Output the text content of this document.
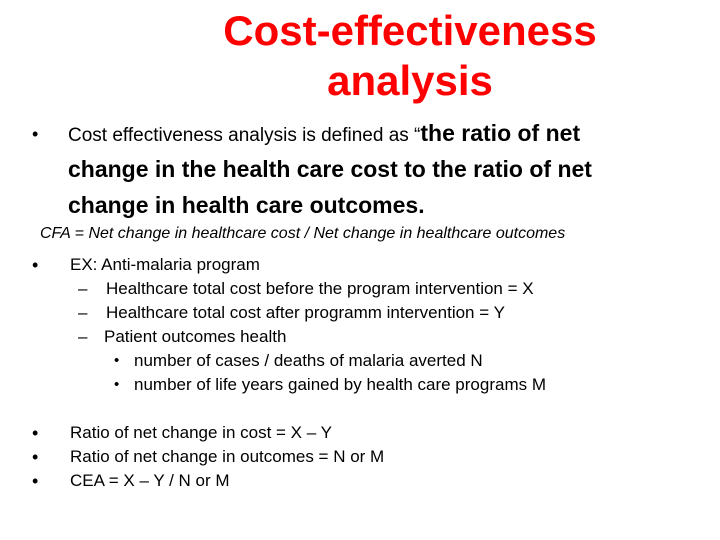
Cost-effectiveness
analysis
• Cost effectiveness analysis is defined as “the ratio of net
change in the health care cost to the ratio of net
change in health care outcomes.
CFA = Net change in healthcare cost / Net change in healthcare outcomes
• EX: Anti-malaria program
– Healthcare total cost before the program intervention = X
– Healthcare total cost after programm intervention = Y
– Patient outcomes health
• number of cases / deaths of malaria averted N
• number of life years gained by health care programs M
• Ratio of net change in cost = X – Y
• Ratio of net change in outcomes = N or M
• CEA = X – Y / N or M
